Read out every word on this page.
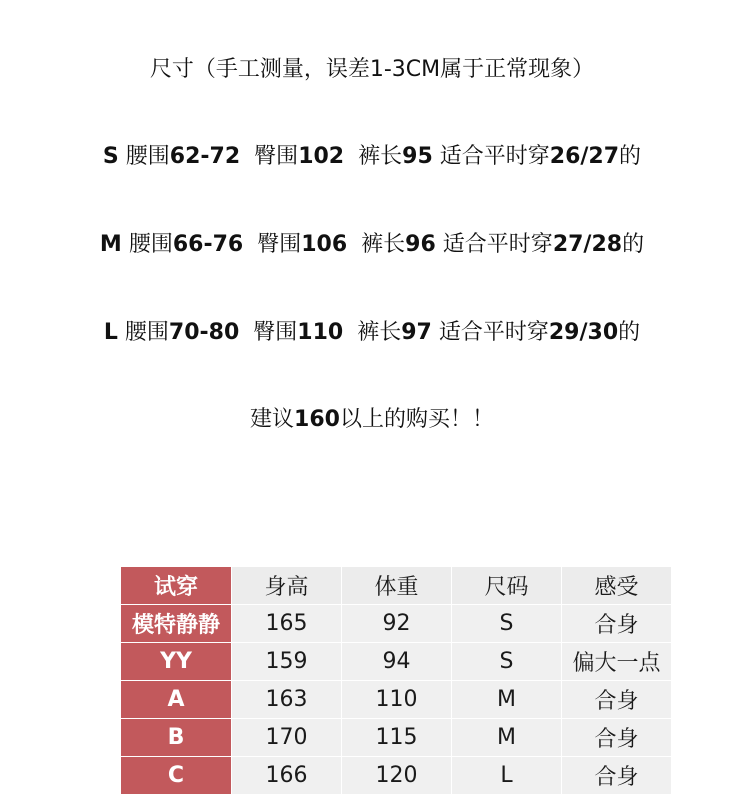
尺寸（手工测量，误差1-3CM属于正常现象）
S 腰围62-72 臀围102 裤长95 适合平时穿26/27的
M 腰围66-76 臀围106 裤长96 适合平时穿27/28的
L 腰围70-80 臀围110 裤长97 适合平时穿29/30的
建议160以上的购买！！
试穿	身高	体重	尺码	感受
模特静静	165	92	S	合身
YY	159	94	S	偏大一点
A	163	110	M	合身
B	170	115	M	合身
C	166	120	L	合身
